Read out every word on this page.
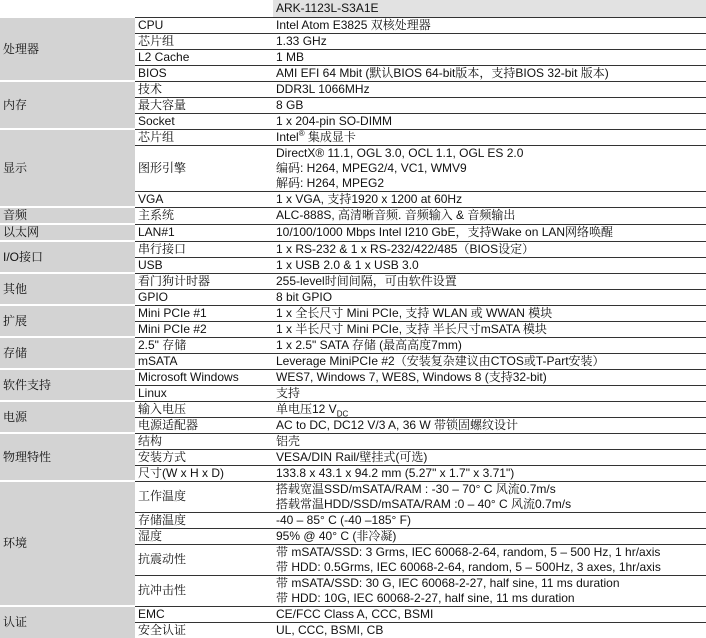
		ARK-1123L-S3A1E
处理器	CPU	Intel Atom E3825 双核处理器
	芯片组	1.33 GHz
	L2 Cache	1 MB
	BIOS	AMI EFI 64 Mbit (默认BIOS 64-bit版本，支持BIOS 32-bit 版本)
内存	技术	DDR3L 1066MHz
	最大容量	8 GB
	Socket	1 x 204-pin SO-DIMM
显示	芯片组	Intel® 集成显卡
	图形引擎	DirectX® 11.1, OGL 3.0, OCL 1.1, OGL ES 2.0
编码: H264, MPEG2/4, VC1, WMV9
解码: H264, MPEG2

	VGA	1 x VGA, 支持1920 x 1200 at 60Hz
音频	主系统	ALC-888S, 高清晰音频. 音频输入 & 音频输出
以太网	LAN#1	10/100/1000 Mbps Intel I210 GbE，支持Wake on LAN网络唤醒
I/O接口	串行接口	1 x RS-232 & 1 x RS-232/422/485（BIOS设定）
	USB	1 x USB 2.0 & 1 x USB 3.0
其他	看门狗计时器	255-level时间间隔，可由软件设置
	GPIO	8 bit GPIO
扩展	Mini PCIe #1	1 x 全长尺寸 Mini PCIe, 支持 WLAN 或 WWAN 模块
	Mini PCIe #2	1 x 半长尺寸 Mini PCIe, 支持 半长尺寸mSATA 模块
存储	2.5" 存储	1 x 2.5" SATA 存储 (最高高度7mm)
	mSATA	Leverage MiniPCIe #2（安装复杂建议由CTOS或T-Part安装）
软件支持	Microsoft Windows	WES7, Windows 7, WE8S, Windows 8 (支持32-bit)
	Linux	支持
电源	输入电压	单电压12 $V_{DC}$
	电源适配器	AC to DC, DC12 V/3 A, 36 W 带锁固螺纹设计
物理特性	结构	铝壳
	安装方式	VESA/DIN Rail/壁挂式(可选)
	尺寸(W x H x D)	133.8 x 43.1 x 94.2 mm (5.27" x 1.7" x 3.71")
环境	工作温度	搭载宽温SSD/mSATA/RAM : -30 – 70° C 风流0.7m/s
搭载常温HDD/SSD/mSATA/RAM :0 – 40° C 风流0.7m/s

	存储温度	-40 – 85° C (-40 –185° F)
	湿度	95% @ 40° C (非冷凝)
	抗震动性	带 mSATA/SSD: 3 Grms, IEC 60068-2-64, random, 5 – 500 Hz, 1 hr/axis
带 HDD: 0.5Grms, IEC 60068-2-64, random, 5 – 500Hz, 3 axes, 1hr/axis

	抗冲击性	带 mSATA/SSD: 30 G, IEC 60068-2-27, half sine, 11 ms duration
带 HDD: 10G, IEC 60068-2-27, half sine, 11 ms duration

认证	EMC	CE/FCC Class A, CCC, BSMI
	安全认证	UL, CCC, BSMI, CB
